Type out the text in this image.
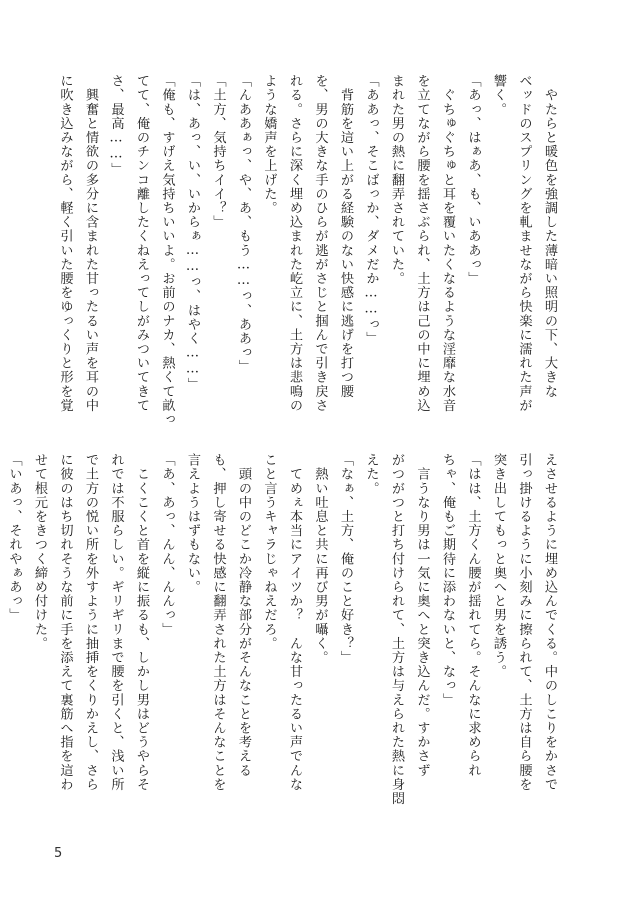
　やたらと暖色を強調した薄暗い照明の下、大きな
ベッドのスプリングを軋ませながら快楽に濡れた声が
響く。
「あっ、はぁあ、も、いああっ」
　ぐちゅぐちゅと耳を覆いたくなるような淫靡な水音
を立てながら腰を揺さぶられ、土方は己の中に埋め込
まれた男の熱に翻弄されていた。
「ああっ、そこばっか、ダメだか……っ」
　背筋を這い上がる経験のない快感に逃げを打つ腰
を、男の大きな手のひらが逃がさじと掴んで引き戻さ
れる。さらに深く埋め込まれた屹立に、土方は悲鳴の
ような嬌声を上げた。
「んああぁっ、や、あ、もう……っ、ああっ」
「土方、気持ちイイ？」
「は、あっ、い、いからぁ……っ、はやく……」
「俺も、すげえ気持ちいいよ。お前のナカ、熱くて畝っ
てて、俺のチンコ離したくねえってしがみついてきて
さ、最高……」
　興奮と情欲の多分に含まれた甘ったるい声を耳の中
に吹き込みながら、軽く引いた腰をゆっくりと形を覚
えさせるように埋め込んでくる。中のしこりをかさで
引っ掛けるように小刻みに擦られて、土方は自ら腰を
突き出してもっと奥へと男を誘う。
「はは、土方くん腰が揺れてら。そんなに求められ
ちゃ、俺もご期待に添わないと、なっ」
　言うなり男は一気に奥へと突き込んだ。すかさず
がつがつと打ち付けられて、土方は与えられた熱に身悶
えた。
「なぁ、土方、俺のこと好き？」
　熱い吐息と共に再び男が囁く。
　てめぇ本当にアイツか？　んな甘ったるい声でんな
こと言うキャラじゃねえだろ。
　頭の中のどこか冷静な部分がそんなことを考える
も、押し寄せる快感に翻弄された土方はそんなことを
言えようはずもない。
「あ、あっ、んん、んんっ」
　こくこくと首を縦に振るも、しかし男はどうやらそ
れでは不服らしい。ギリギリまで腰を引くと、浅い所
で土方の悦い所を外すように抽挿をくりかえし、さら
に彼のはち切れそうな前に手を添えて裏筋へ指を這わ
せて根元をきつく締め付けた。
「いあっ、それやぁあっ」

5
